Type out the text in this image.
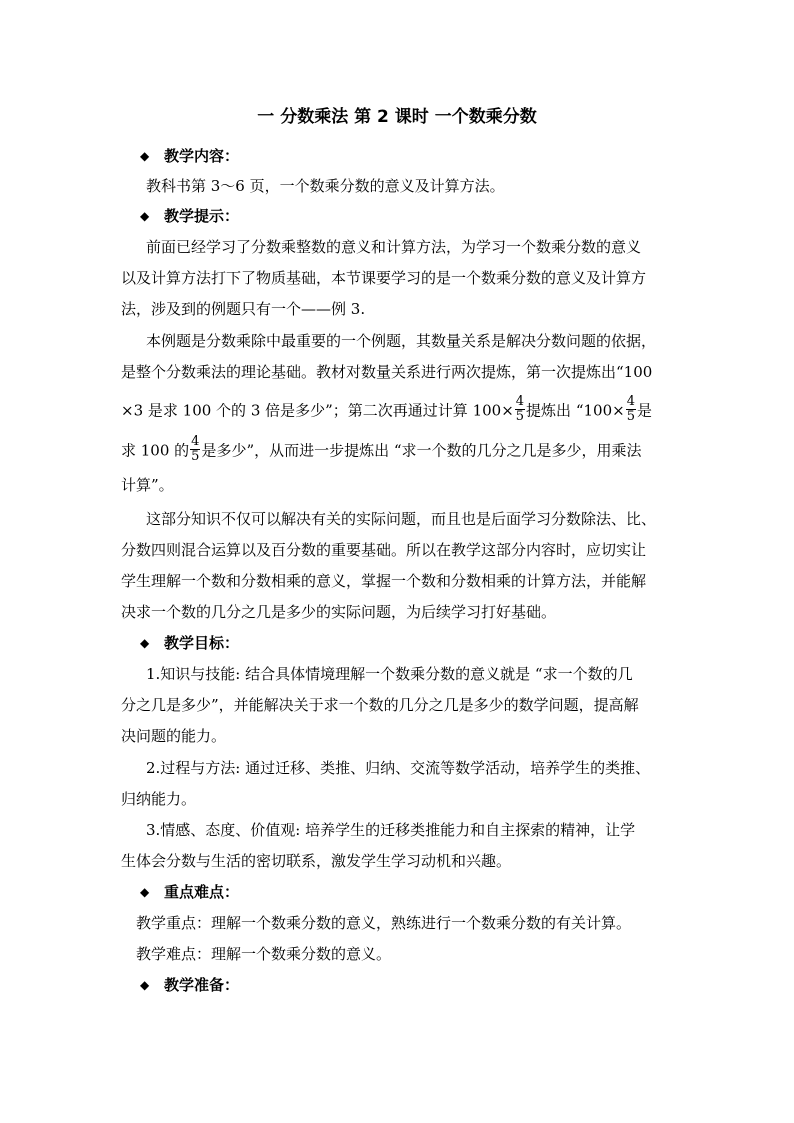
一 分数乘法 第 2 课时 一个数乘分数
◆ 教学内容：
教科书第 3～6 页，一个数乘分数的意义及计算方法。
◆ 教学提示：
前面已经学习了分数乘整数的意义和计算方法，为学习一个数乘分数的意义
以及计算方法打下了物质基础，本节课要学习的是一个数乘分数的意义及计算方
法，涉及到的例题只有一个——例 3.
本例题是分数乘除中最重要的一个例题，其数量关系是解决分数问题的依据，
是整个分数乘法的理论基础。教材对数量关系进行两次提炼，第一次提炼出“100
×3 是求 100 个的 3 倍是多少”；第二次再通过计算 $100\times \frac{4}{5}$ 提炼出 “$100\times \frac{4}{5}$ 是
求 100 的 $\frac{4}{5}$ 是多少”，从而进一步提炼出 “求一个数的几分之几是多少，用乘法
计算”。
这部分知识不仅可以解决有关的实际问题，而且也是后面学习分数除法、比、
分数四则混合运算以及百分数的重要基础。所以在教学这部分内容时，应切实让
学生理解一个数和分数相乘的意义，掌握一个数和分数相乘的计算方法，并能解
决求一个数的几分之几是多少的实际问题，为后续学习打好基础。
◆ 教学目标：
1.知识与技能: 结合具体情境理解一个数乘分数的意义就是 “求一个数的几
分之几是多少”，并能解决关于求一个数的几分之几是多少的数学问题，提高解
决问题的能力。
2.过程与方法: 通过迁移、类推、归纳、交流等数学活动，培养学生的类推、
归纳能力。
3.情感、态度、价值观: 培养学生的迁移类推能力和自主探索的精神，让学
生体会分数与生活的密切联系，激发学生学习动机和兴趣。
◆ 重点难点：
教学重点：理解一个数乘分数的意义，熟练进行一个数乘分数的有关计算。
教学难点：理解一个数乘分数的意义。
◆ 教学准备：
